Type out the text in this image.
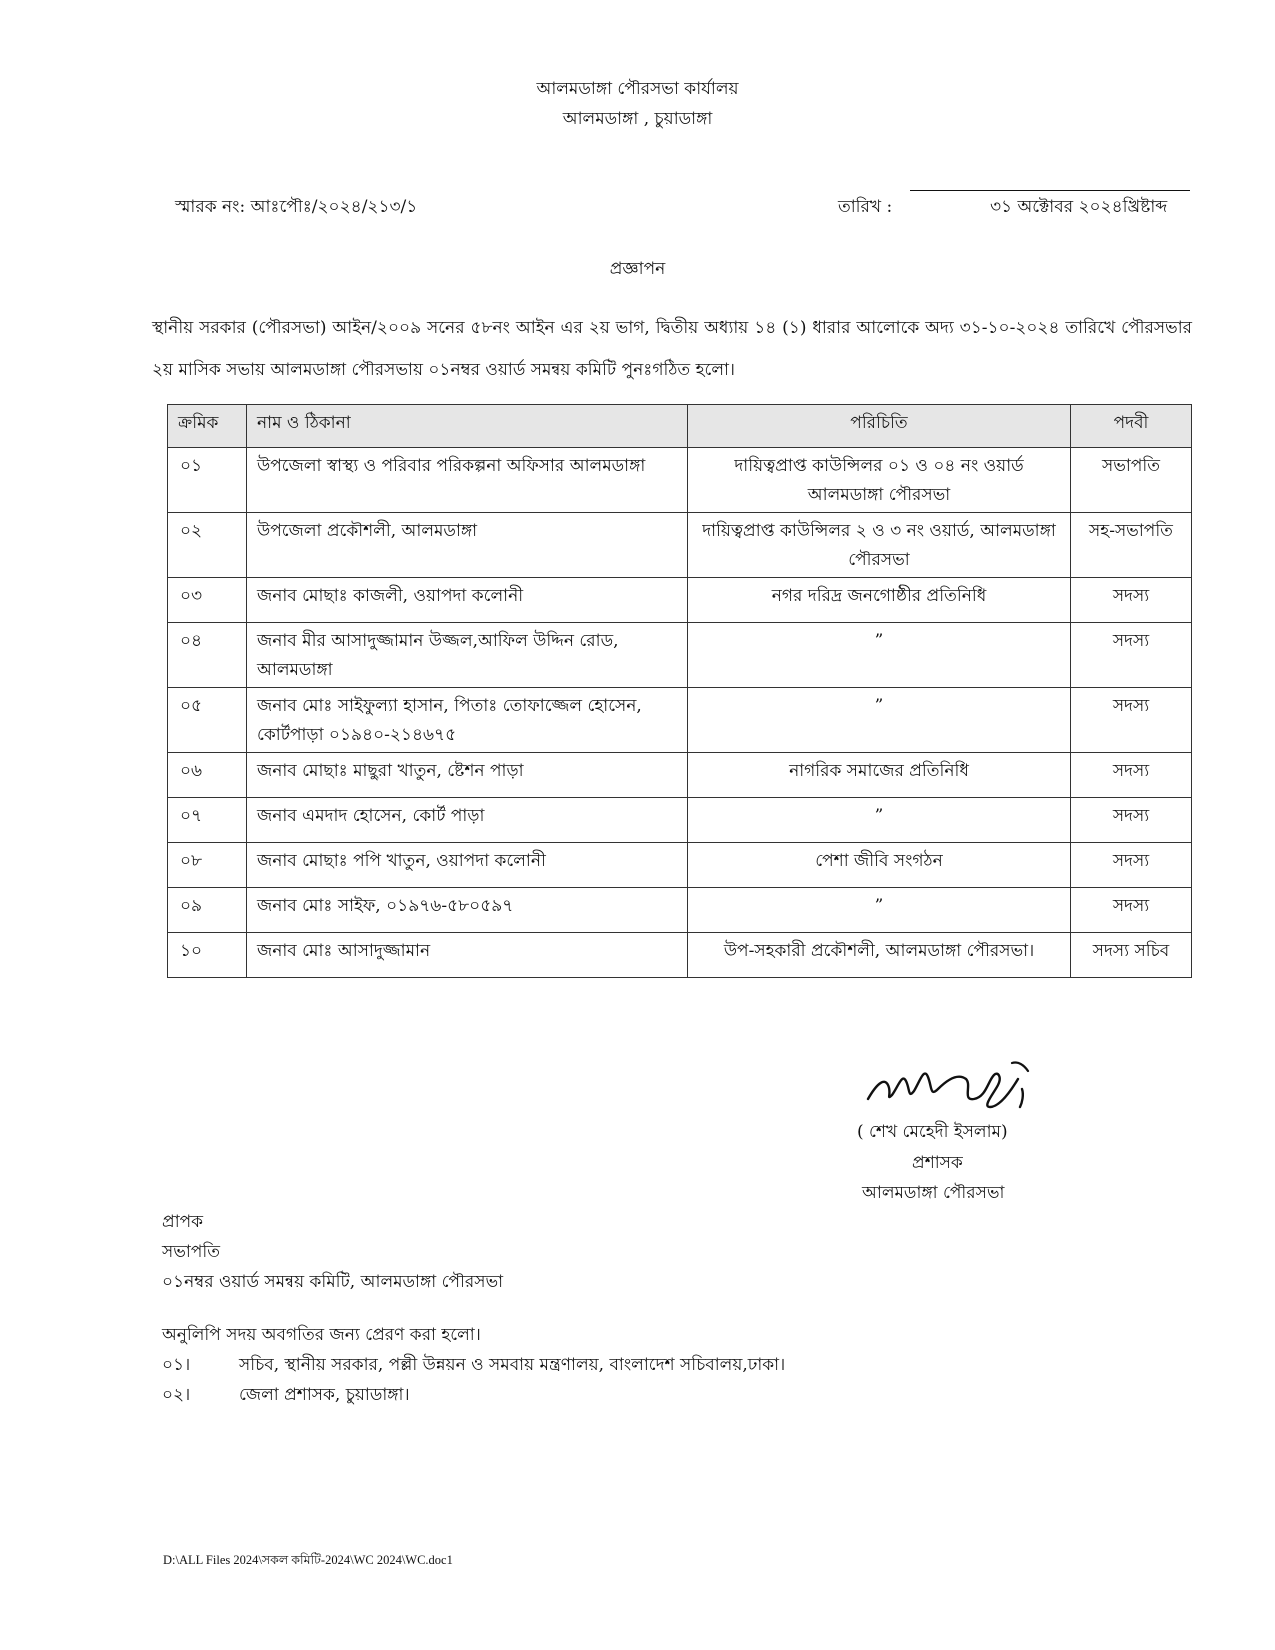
আলমডাঙ্গা পৌরসভা কার্যালয়
আলমডাঙ্গা , চুয়াডাঙ্গা
স্মারক নং: আঃপৌঃ/২০২৪/২১৩/১	তারিখ :	৩১ অক্টোবর ২০২৪খ্রিষ্টাব্দ
প্রজ্ঞাপন
স্থানীয় সরকার (পৌরসভা) আইন/২০০৯ সনের ৫৮নং আইন এর ২য় ভাগ, দ্বিতীয় অধ্যায় ১৪ (১) ধারার আলোকে অদ্য ৩১-১০-২০২৪ তারিখে পৌরসভার ২য় মাসিক সভায় আলমডাঙ্গা পৌরসভায় ০১নম্বর ওয়ার্ড সমন্বয় কমিটি পুনঃগঠিত হলো।
ক্রমিক	নাম ও ঠিকানা	পরিচিতি	পদবী
০১	উপজেলা স্বাস্থ্য ও পরিবার পরিকল্পনা অফিসার আলমডাঙ্গা	দায়িত্বপ্রাপ্ত কাউন্সিলর ০১ ও ০৪ নং ওয়ার্ড আলমডাঙ্গা পৌরসভা	সভাপতি
০২	উপজেলা প্রকৌশলী, আলমডাঙ্গা	দায়িত্বপ্রাপ্ত কাউন্সিলর ২ ও ৩ নং ওয়ার্ড, আলমডাঙ্গা পৌরসভা	সহ-সভাপতি
০৩	জনাব মোছাঃ কাজলী, ওয়াপদা কলোনী	নগর দরিদ্র জনগোষ্ঠীর প্রতিনিধি	সদস্য
০৪	জনাব মীর আসাদুজ্জামান উজ্জল,আফিল উদ্দিন রোড, আলমডাঙ্গা	”	সদস্য
০৫	জনাব মোঃ সাইফুল্যা হাসান, পিতাঃ তোফাজ্জেল হোসেন, কোর্টপাড়া ০১৯৪০-২১৪৬৭৫	”	সদস্য
০৬	জনাব মোছাঃ মাছুরা খাতুন, ষ্টেশন পাড়া	নাগরিক সমাজের প্রতিনিধি	সদস্য
০৭	জনাব এমদাদ হোসেন, কোর্ট পাড়া	”	সদস্য
০৮	জনাব মোছাঃ পপি খাতুন, ওয়াপদা কলোনী	পেশা জীবি সংগঠন	সদস্য
০৯	জনাব মোঃ সাইফ, ০১৯৭৬-৫৮০৫৯৭	”	সদস্য
১০	জনাব মোঃ আসাদুজ্জামান	উপ-সহকারী প্রকৌশলী, আলমডাঙ্গা পৌরসভা।	সদস্য সচিব
( শেখ মেহেদী ইসলাম)
প্রশাসক
আলমডাঙ্গা পৌরসভা
প্রাপক
সভাপতি
০১নম্বর ওয়ার্ড সমন্বয় কমিটি, আলমডাঙ্গা পৌরসভা
অনুলিপি সদয় অবগতির জন্য প্রেরণ করা হলো।
০১।	সচিব, স্থানীয় সরকার, পল্লী উন্নয়ন ও সমবায় মন্ত্রণালয়, বাংলাদেশ সচিবালয়,ঢাকা।
০২।	জেলা প্রশাসক, চুয়াডাঙ্গা।
D:\ALL Files 2024\সকল কমিটি-2024\WC 2024\WC.doc1
